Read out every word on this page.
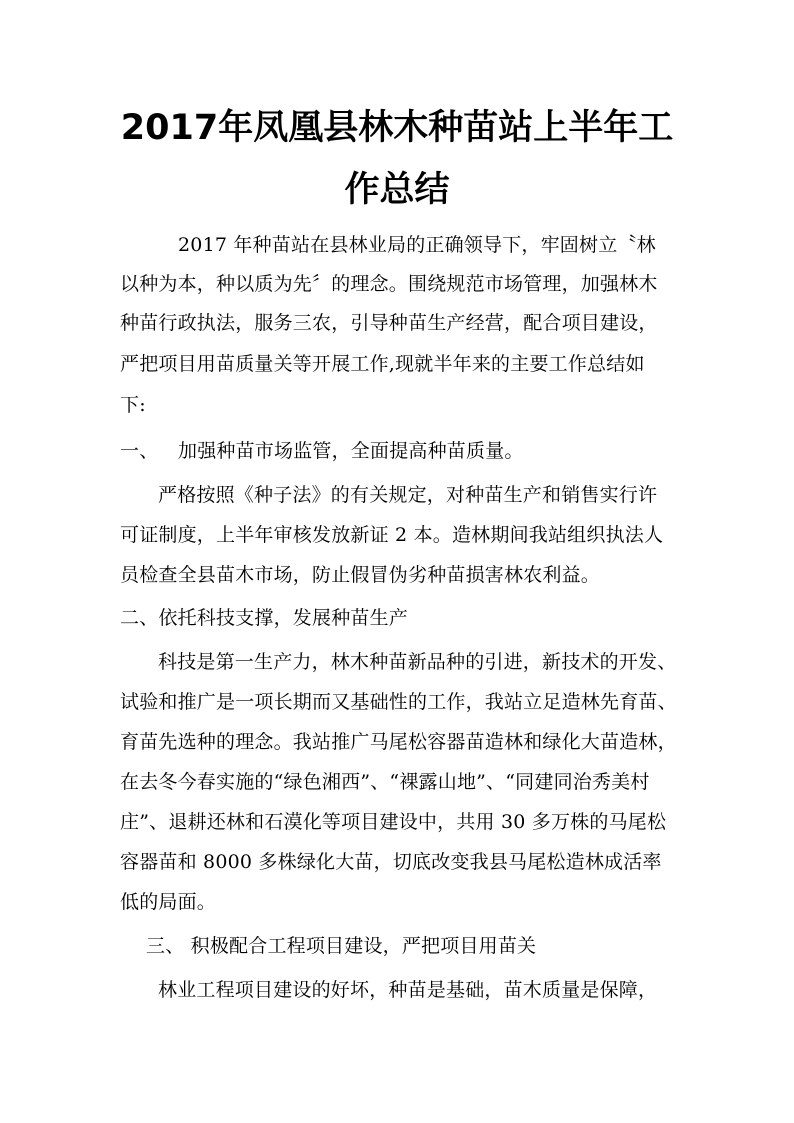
2017年凤凰县林木种苗站上半年工
作总结
2017 年种苗站在县林业局的正确领导下，牢固树立〝林
以种为本，种以质为先〞的理念。围绕规范市场管理，加强林木
种苗行政执法，服务三农，引导种苗生产经营，配合项目建设，
严把项目用苗质量关等开展工作,现就半年来的主要工作总结如
下:
一、 加强种苗市场监管，全面提高种苗质量。
严格按照《种子法》的有关规定，对种苗生产和销售实行许
可证制度，上半年审核发放新证 2 本。造林期间我站组织执法人
员检查全县苗木市场，防止假冒伪劣种苗损害林农利益。
二、依托科技支撑，发展种苗生产
科技是第一生产力，林木种苗新品种的引进，新技术的开发、
试验和推广是一项长期而又基础性的工作，我站立足造林先育苗、
育苗先选种的理念。我站推广马尾松容器苗造林和绿化大苗造林，
在去冬今春实施的“绿色湘西”、“裸露山地”、“同建同治秀美村
庄”、退耕还林和石漠化等项目建设中，共用 30 多万株的马尾松
容器苗和 8000 多株绿化大苗，切底改变我县马尾松造林成活率
低的局面。
三、 积极配合工程项目建设，严把项目用苗关
林业工程项目建设的好坏，种苗是基础，苗木质量是保障，
